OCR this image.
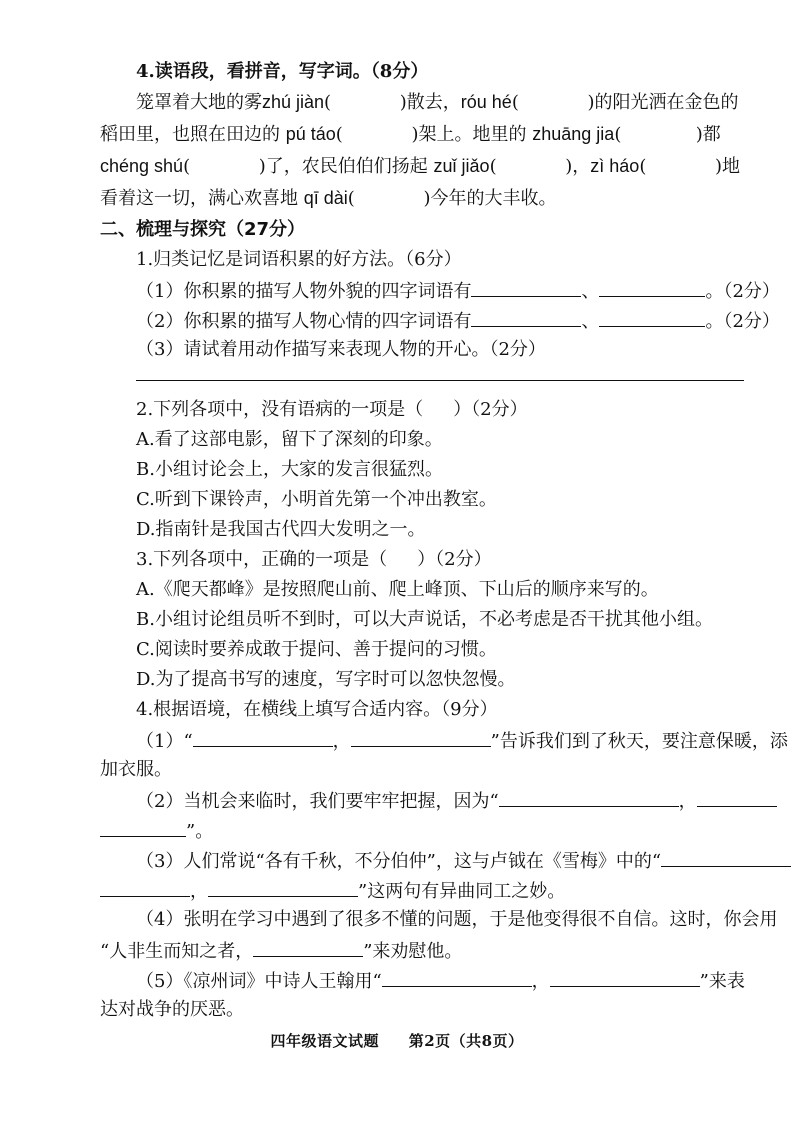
4.读语段，看拼音，写字词。（8分）
笼罩着大地的雾zhú jiàn(            )散去，róu hé(            )的阳光洒在金色的
稻田里，也照在田边的 pú táo(            )架上。地里的 zhuāng jia(             )都
chéng shú(            )了，农民伯伯们扬起 zuǐ jiǎo(            )，zì háo(            )地
看着这一切，满心欢喜地 qī dài(            )今年的大丰收。
二、梳理与探究（27分）
1.归类记忆是词语积累的好方法。（6分）
（1）你积累的描写人物外貌的四字词语有	、	。（2分）
（2）你积累的描写人物心情的四字词语有	、	。（2分）
（3）请试着用动作描写来表现人物的开心。（2分）
2.下列各项中，没有语病的一项是（ ）（2分）
A.看了这部电影，留下了深刻的印象。
B.小组讨论会上，大家的发言很猛烈。
C.听到下课铃声，小明首先第一个冲出教室。
D.指南针是我国古代四大发明之一。
3.下列各项中，正确的一项是（ ）（2分）
A.《爬天都峰》是按照爬山前、爬上峰顶、下山后的顺序来写的。
B.小组讨论组员听不到时，可以大声说话，不必考虑是否干扰其他小组。
C.阅读时要养成敢于提问、善于提问的习惯。
D.为了提高书写的速度，写字时可以忽快忽慢。
4.根据语境，在横线上填写合适内容。（9分）
（1）“	，	”告诉我们到了秋天，要注意保暖，添
加衣服。
（2）当机会来临时，我们要牢牢把握，因为“	，
”。
（3）人们常说“各有千秋，不分伯仲”，这与卢钺在《雪梅》中的“
，	”这两句有异曲同工之妙。
（4）张明在学习中遇到了很多不懂的问题，于是他变得很不自信。这时，你会用
“人非生而知之者，	”来劝慰他。
（5）《凉州词》中诗人王翰用“	，	”来表
达对战争的厌恶。
四年级语文试题 第2页（共8页）
